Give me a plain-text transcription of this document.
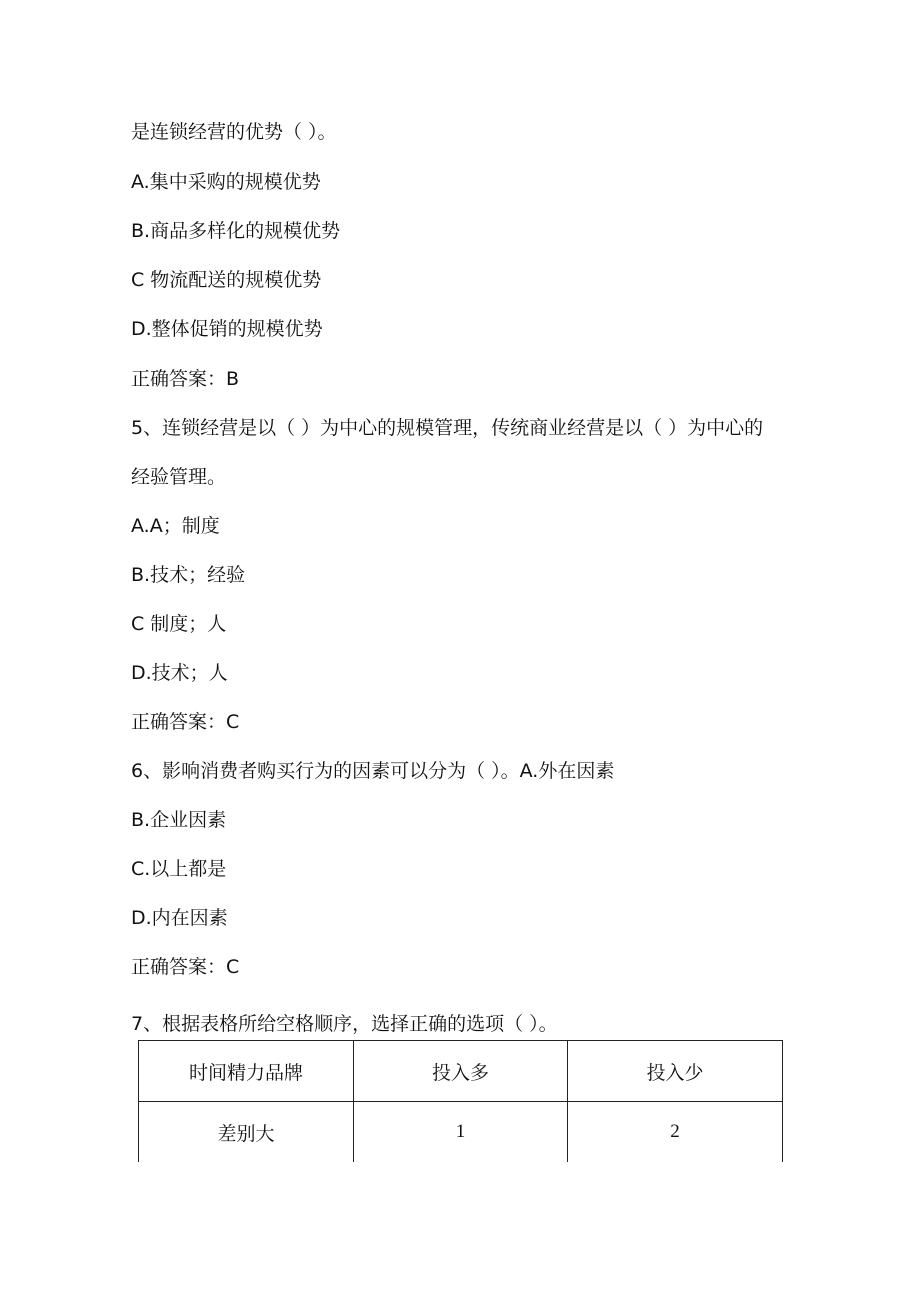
是连锁经营的优势（ ）。

A.集中采购的规模优势

B.商品多样化的规模优势

C 物流配送的规模优势

D.整体促销的规模优势

正确答案：B

5、连锁经营是以（ ）为中心的规模管理，传统商业经营是以（ ）为中心的

经验管理。

A.A；制度

B.技术；经验

C 制度；人

D.技术；人

正确答案：C

6、影响消费者购买行为的因素可以分为（ ）。A.外在因素

B.企业因素

C.以上都是

D.内在因素

正确答案：C

7、根据表格所给空格顺序，选择正确的选项（ ）。

时间精力品牌	投入多	投入少
差别大	1	2
